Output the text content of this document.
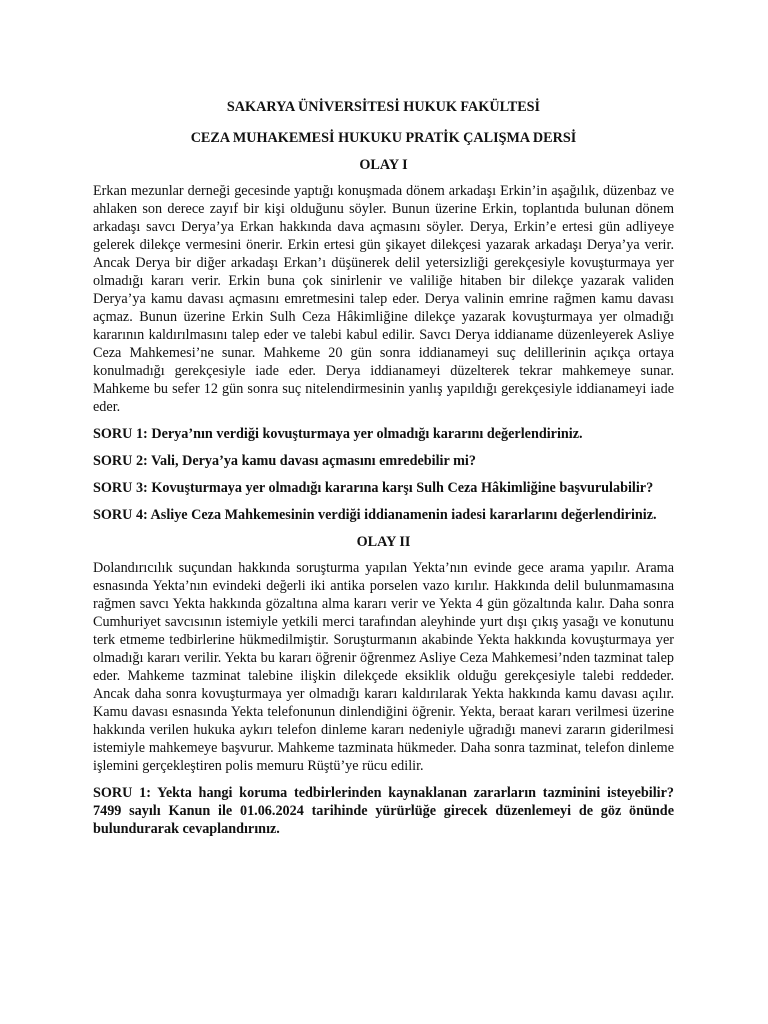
SAKARYA ÜNİVERSİTESİ HUKUK FAKÜLTESİ
CEZA MUHAKEMESİ HUKUKU PRATİK ÇALIŞMA DERSİ
OLAY I
Erkan mezunlar derneği gecesinde yaptığı konuşmada dönem arkadaşı Erkin’in aşağılık, düzenbaz ve ahlaken son derece zayıf bir kişi olduğunu söyler. Bunun üzerine Erkin, toplantıda bulunan dönem arkadaşı savcı Derya’ya Erkan hakkında dava açmasını söyler. Derya, Erkin’e ertesi gün adliyeye gelerek dilekçe vermesini önerir. Erkin ertesi gün şikayet dilekçesi yazarak arkadaşı Derya’ya verir. Ancak Derya bir diğer arkadaşı Erkan’ı düşünerek delil yetersizliği gerekçesiyle kovuşturmaya yer olmadığı kararı verir. Erkin buna çok sinirlenir ve valiliğe hitaben bir dilekçe yazarak validen Derya’ya kamu davası açmasını emretmesini talep eder. Derya valinin emrine rağmen kamu davası açmaz. Bunun üzerine Erkin Sulh Ceza Hâkimliğine dilekçe yazarak kovuşturmaya yer olmadığı kararının kaldırılmasını talep eder ve talebi kabul edilir. Savcı Derya iddianame düzenleyerek Asliye Ceza Mahkemesi’ne sunar. Mahkeme 20 gün sonra iddianameyi suç delillerinin açıkça ortaya konulmadığı gerekçesiyle iade eder. Derya iddianameyi düzelterek tekrar mahkemeye sunar. Mahkeme bu sefer 12 gün sonra suç nitelendirmesinin yanlış yapıldığı gerekçesiyle iddianameyi iade eder.
SORU 1: Derya’nın verdiği kovuşturmaya yer olmadığı kararını değerlendiriniz.
SORU 2: Vali, Derya’ya kamu davası açmasını emredebilir mi?
SORU 3: Kovuşturmaya yer olmadığı kararına karşı Sulh Ceza Hâkimliğine başvurulabilir?
SORU 4: Asliye Ceza Mahkemesinin verdiği iddianamenin iadesi kararlarını değerlendiriniz.
OLAY II
Dolandırıcılık suçundan hakkında soruşturma yapılan Yekta’nın evinde gece arama yapılır. Arama esnasında Yekta’nın evindeki değerli iki antika porselen vazo kırılır. Hakkında delil bulunmamasına rağmen savcı Yekta hakkında gözaltına alma kararı verir ve Yekta 4 gün gözaltında kalır. Daha sonra Cumhuriyet savcısının istemiyle yetkili merci tarafından aleyhinde yurt dışı çıkış yasağı ve konutunu terk etmeme tedbirlerine hükmedilmiştir. Soruşturmanın akabinde Yekta hakkında kovuşturmaya yer olmadığı kararı verilir. Yekta bu kararı öğrenir öğrenmez Asliye Ceza Mahkemesi’nden tazminat talep eder. Mahkeme tazminat talebine ilişkin dilekçede eksiklik olduğu gerekçesiyle talebi reddeder. Ancak daha sonra kovuşturmaya yer olmadığı kararı kaldırılarak Yekta hakkında kamu davası açılır. Kamu davası esnasında Yekta telefonunun dinlendiğini öğrenir. Yekta, beraat kararı verilmesi üzerine hakkında verilen hukuka aykırı telefon dinleme kararı nedeniyle uğradığı manevi zararın giderilmesi istemiyle mahkemeye başvurur. Mahkeme tazminata hükmeder. Daha sonra tazminat, telefon dinleme işlemini gerçekleştiren polis memuru Rüştü’ye rücu edilir.
SORU 1: Yekta hangi koruma tedbirlerinden kaynaklanan zararların tazminini isteyebilir? 7499 sayılı Kanun ile 01.06.2024 tarihinde yürürlüğe girecek düzenlemeyi de göz önünde bulundurarak cevaplandırınız.
